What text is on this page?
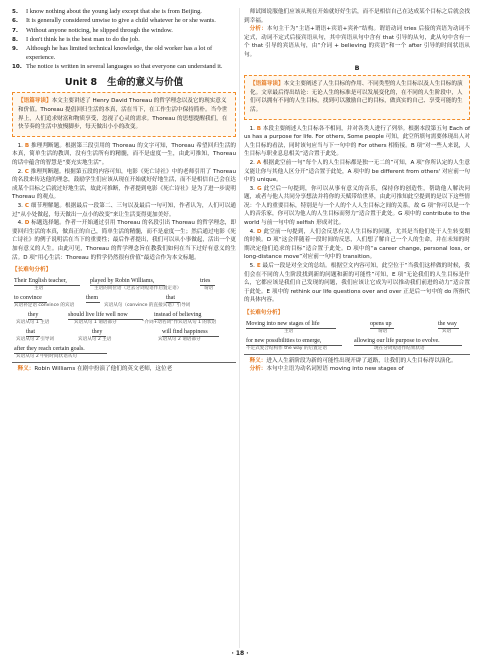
5.	I know nothing about the young lady except that she is from Beijing.
6.	It is generally considered unwise to give a child whatever he or she wants.
7.	Without anyone noticing, he slipped through the window.
8.	I don't think he is the best man to do the job.
9.	Although he has limited technical knowledge, the old worker has a lot of experience.
10. The notice is written in several languages so that everyone can understand it.
Unit 8 生命的意义与价值
【语篇导读】本文主要讲述了 Henry David Thoreau 的哲学理念以及它的现实意义和价值。Thoreau 提倡回归生活的本真，活在当下，在工作生活中保持简朴。当今世界上，人们追求财富和物质享受，忽视了心灵的需求。Thoreau 的思想提醒我们，在快节奏的生活中放慢脚步，每天做出小小的改变。
1. B 推理判断题。根据第三段引用的 Thoreau 的文字可知，Thoreau 希望回归生活的本真，简单生活的教训，没有生活所有的精髓，而不是虚度一生，由此可推知，Thoreau 的话中蕴含的智慧是“要充实地生活”。
2. C 推理判断题。根据第五段的内容可知，电影《死亡诗社》中的老师引用了 Thoreau 的名段来传达他的理念，鼓励学生们应该从现在开始就好好地生活，而不是相信自己会在达成某个目标之后就过好地生活，故此可推断，作者提到电影《死亡诗社》是为了进一步说明 Thoreau 的观点。
3. C 细节理解题。根据最后一段第二、三句以及最后一句可知，作者认为，人们可以通过“从小处做起，每天做出一点小的改变”来让生活变得更加美好。
4. D 标题选择题。作者一开始通过引用 Thoreau 的名段引出 Thoreau 的哲学理念，即要回归生活的本真，做真正的自己，简单生活的精髓，而不是虚度一生；然后通过电影《死亡诗社》的例子说明活在当下的重要性；最后作者提出，我们可以从小事做起，活出一个更加有意义的人生。由此可见，Thoreau 的哲学理念旨在教我们如何在当下过好有意义的生活。D 项“用心生活：Thoreau 的哲学仍然很有价值”最适合作为本文标题。
【长难句分析】
Their English teacher,	played by Robin Williams,	tries
主语	主语的同位语（过去分词短语作后置定语）	谓语
to convince	them	that
宾语补足语 convince 的宾语	宾语从句（convince 的直接宾语）引导词
they	should live life well now	instead of believing
宾语从句 1 主语	宾语从句 1 谓语部分	“介词+动名词”作宾语从句 1 的状语
that	they	will find happiness
宾语从句 2 引导词	宾语从句 2 主语	宾语从句 2 谓语部分
after they reach certain goals.
宾语从句 2 中的时间状语从句
释义：Robin Williams 在剧中扮演了他们的英文老师，这位老
师试图说服他们应该从现在开始就好好生活，而不是相信自己在达成某个目标之后就会找到幸福。
分析：本句主干为“主语+谓语+宾语+宾补”结构。谓语动词 tries 后接的宾语为动词不定式，动词不定式后接宾语从句，其中宾语从句中含有 that 引导的从句，此从句中含有一个 that 引导的宾语从句，由“介词 + believing 的宾语”和一个 after 引导的时间状语从句。
B
【语篇导读】本文主要阐述了人生目标的作用、不同类型的人生目标以及人生目标的演化。文章最后得出结论：无论人生的标准是可以发展变化的，在不同的人生阶段中，人们可以拥有不同的人生目标，找到可以激励自己的目标，做真实的自己、享受可能的生活。
1. B 本段主要阐述人生目标各不相同，并对各类人进行了列举。根据本段第五句 Each of us has a purpose for life. For others, Some people 可知，此空所填句需要体现出人对人生目标的看法，同时该句应当与下一句中的 For others 相衔接。B 项“对一些人来说，人生目标与职业息息相关”适合置于此处。
2. A 根据此空前一句“每个人的人生目标都是独一无二的”可知，A 项“你所认定的人生意义能让你与其他人区分开”适合置于此处，A 项中的 be different from others' 对应前一句中的 unique。
3. G 此空后一句提到，你可以从事有意义的音乐，保持你的创造性，帮助他人解决问题，或者与他人共同分享想法并将你的天赋带给世界，由此可推知此空提到的是以下这些情况：个人的重要目标，特别是与一个人的个人人生目标之间的关系，故 G 项“你可以是一个人的音乐家，你可以为他人的人生目标而努力”适合置于此处。G 项中的 contribute to the world 与前一句中的 selfish 形成对比。
4. D 此空前一句提到，人们会反思有关人生目标的问题，尤其是当他们处于人生转变期的时候。D 项“这会伴随着一段时间的反思，人们想了解自己一个人的生命，并在未知的时期决定他们追求的目标”适合置于此处。D 项中的“a career change, personal loss, or long-distance move”对应前一句中的 transition。
5. E 最后一段是对全文的总结。根据空文内容可知，此空位于“当我们这样做的时候，我们会在不同的人生阶段找到新的问题和新的可能性”可知，E 项“无论我们的人生目标是什么，它都应该是我们自己发现的问题，我们应该让它成为可以推动我们前进的动力”适合置于此处。E 项中的 rethink our life questions over and over 正是后一句中的 do 所指代的具体内容。
【长难句分析】
Moving into new stages of life	opens up	the way
主语	谓语	宾语
for new possibilities to emerge,	allowing our life purpose to evolve.
不定式复合结构作 the way 的后置定语	现在分词短语作结果状语
释义：进入人生新阶段为新的可能性出现开辟了道路，让我们的人生目标得以演化。
分析：本句中主语为动名词短语 moving into new stages of
· 18 ·
